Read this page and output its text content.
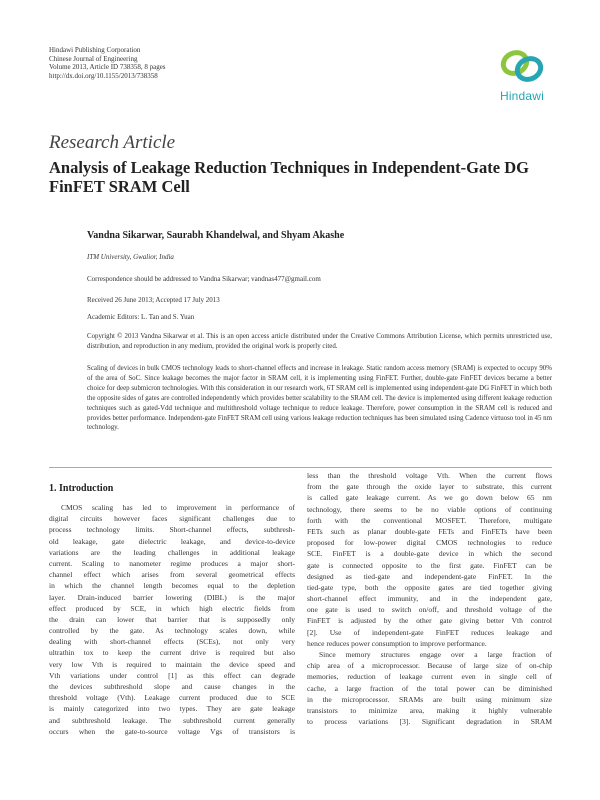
Hindawi Publishing Corporation
Chinese Journal of Engineering
Volume 2013, Article ID 738358, 8 pages
http://dx.doi.org/10.1155/2013/738358
Hindawi
Research Article
Analysis of Leakage Reduction Techniques in Independent-Gate DG FinFET SRAM Cell
Vandna Sikarwar, Saurabh Khandelwal, and Shyam Akashe
ITM University, Gwalior, India
Correspondence should be addressed to Vandna Sikarwar; vandnas477@gmail.com
Received 26 June 2013; Accepted 17 July 2013
Academic Editors: L. Tan and S. Yuan
Copyright © 2013 Vandna Sikarwar et al. This is an open access article distributed under the Creative Commons Attribution License, which permits unrestricted use, distribution, and reproduction in any medium, provided the original work is properly cited.
Scaling of devices in bulk CMOS technology leads to short-channel effects and increase in leakage. Static random access memory (SRAM) is expected to occupy 90% of the area of SoC. Since leakage becomes the major factor in SRAM cell, it is implementing using FinFET. Further, double-gate FinFET devices became a better choice for deep submicron technologies. With this consideration in our research work, 6T SRAM cell is implemented using independent-gate DG FinFET in which both the opposite sides of gates are controlled independently which provides better scalability to the SRAM cell. The device is implemented using different leakage reduction techniques such as gated-Vdd technique and multithreshold voltage technique to reduce leakage. Therefore, power consumption in the SRAM cell is reduced and provides better performance. Independent-gate FinFET SRAM cell using various leakage reduction techniques has been simulated using Cadence virtuoso tool in 45 nm technology.
1. Introduction
CMOS scaling has led to improvement in performance of
digital circuits however faces significant challenges due to
process technology limits. Short-channel effects, subthresh-
old leakage, gate dielectric leakage, and device-to-device
variations are the leading challenges in additional leakage
current. Scaling to nanometer regime produces a major short-
channel effect which arises from several geometrical effects
in which the channel length becomes equal to the depletion
layer. Drain-induced barrier lowering (DIBL) is the major
effect produced by SCE, in which high electric fields from
the drain can lower that barrier that is supposedly only
controlled by the gate. As technology scales down, while
dealing with short-channel effects (SCEs), not only very
ultrathin tox to keep the current drive is required but also
very low Vth is required to maintain the device speed and
Vth variations under control [1] as this effect can degrade
the devices subthreshold slope and cause changes in the
threshold voltage (Vth). Leakage current produced due to SCE
is mainly categorized into two types. They are gate leakage
and subthreshold leakage. The subthreshold current generally
occurs when the gate-to-source voltage Vgs of transistors is
less than the threshold voltage Vth. When the current flows
from the gate through the oxide layer to substrate, this current
is called gate leakage current. As we go down below 65 nm
technology, there seems to be no viable options of continuing
forth with the conventional MOSFET. Therefore, multigate
FETs such as planar double-gate FETs and FinFETs have been
proposed for low-power digital CMOS technologies to reduce
SCE. FinFET is a double-gate device in which the second
gate is connected opposite to the first gate. FinFET can be
designed as tied-gate and independent-gate FinFET. In the
tied-gate type, both the opposite gates are tied together giving
short-channel effect immunity, and in the independent gate,
one gate is used to switch on/off, and threshold voltage of the
FinFET is adjusted by the other gate giving better Vth control
[2]. Use of independent-gate FinFET reduces leakage and
hence reduces power consumption to improve performance.
Since memory structures engage over a large fraction of
chip area of a microprocessor. Because of large size of on-chip
memories, reduction of leakage current even in single cell of
cache, a large fraction of the total power can be diminished
in the microprocessor. SRAMs are built using minimum size
transistors to minimize area, making it highly vulnerable
to process variations [3]. Significant degradation in SRAM
